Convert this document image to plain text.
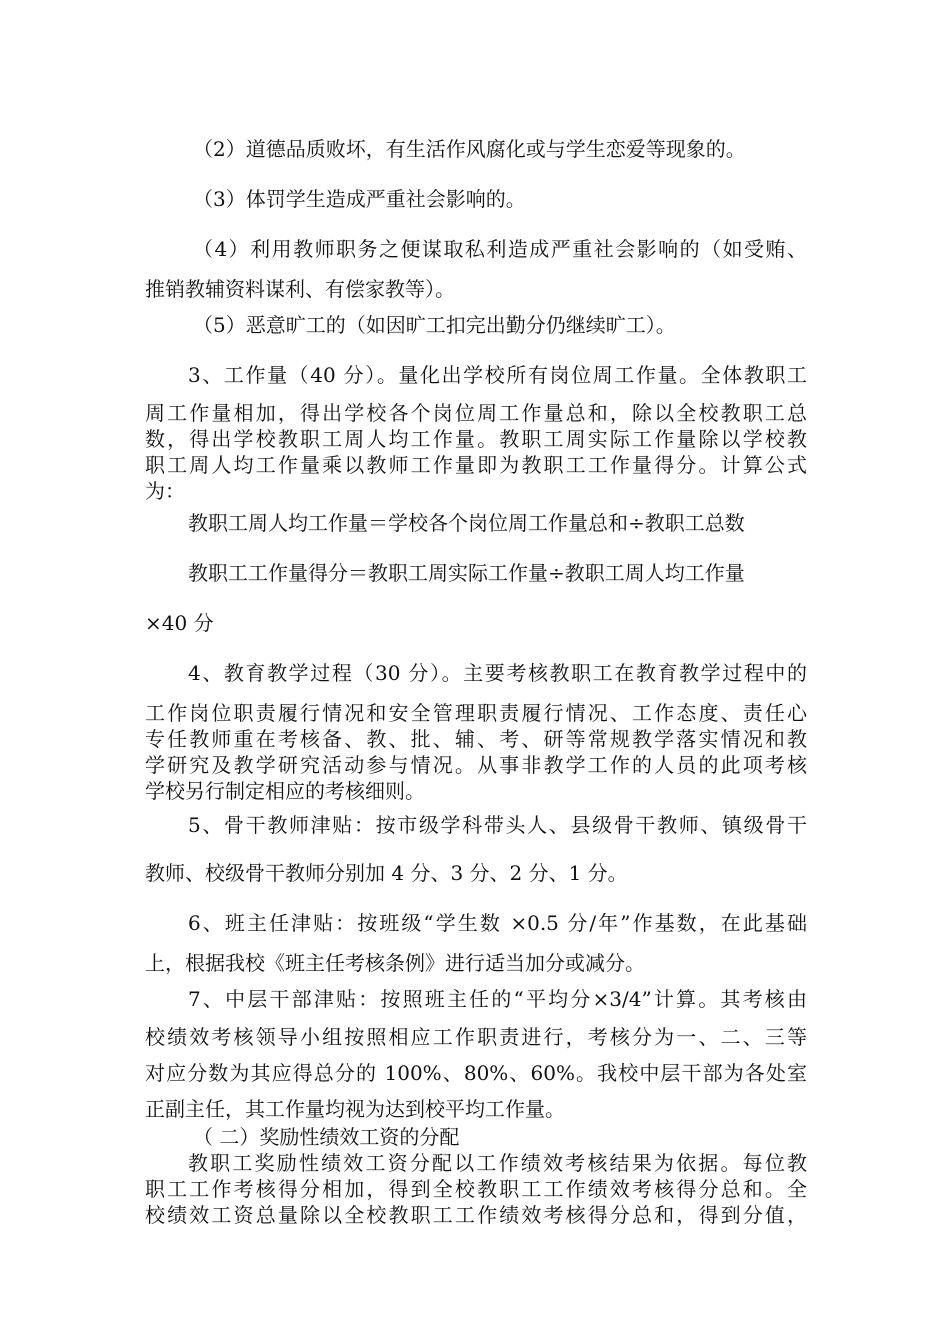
（2）道德品质败坏，有生活作风腐化或与学生恋爱等现象的。
（3）体罚学生造成严重社会影响的。
（4）利用教师职务之便谋取私利造成严重社会影响的（如受贿、
推销教辅资料谋利、有偿家教等）。
（5）恶意旷工的（如因旷工扣完出勤分仍继续旷工）。
3、工作量（40 分）。量化出学校所有岗位周工作量。全体教职工
周工作量相加，得出学校各个岗位周工作量总和，除以全校教职工总
数，得出学校教职工周人均工作量。教职工周实际工作量除以学校教
职工周人均工作量乘以教师工作量即为教职工工作量得分。计算公式
为：
教职工周人均工作量＝学校各个岗位周工作量总和÷教职工总数
教职工工作量得分＝教职工周实际工作量÷教职工周人均工作量
×40 分
4、教育教学过程（30 分）。主要考核教职工在教育教学过程中的
工作岗位职责履行情况和安全管理职责履行情况、工作态度、责任心
专任教师重在考核备、教、批、辅、考、研等常规教学落实情况和教
学研究及教学研究活动参与情况。从事非教学工作的人员的此项考核
学校另行制定相应的考核细则。
5、骨干教师津贴：按市级学科带头人、县级骨干教师、镇级骨干
教师、校级骨干教师分别加 4 分、3 分、2 分、1 分。
6、班主任津贴：按班级“学生数 ×0.5 分/年”作基数，在此基础
上，根据我校《班主任考核条例》进行适当加分或减分。
7、中层干部津贴：按照班主任的“平均分×3/4”计算。其考核由
校绩效考核领导小组按照相应工作职责进行，考核分为一、二、三等
对应分数为其应得总分的 100%、80%、60%。我校中层干部为各处室
正副主任，其工作量均视为达到校平均工作量。
（ 二）奖励性绩效工资的分配
教职工奖励性绩效工资分配以工作绩效考核结果为依据。每位教
职工工作考核得分相加，得到全校教职工工作绩效考核得分总和。全
校绩效工资总量除以全校教职工工作绩效考核得分总和，得到分值，
